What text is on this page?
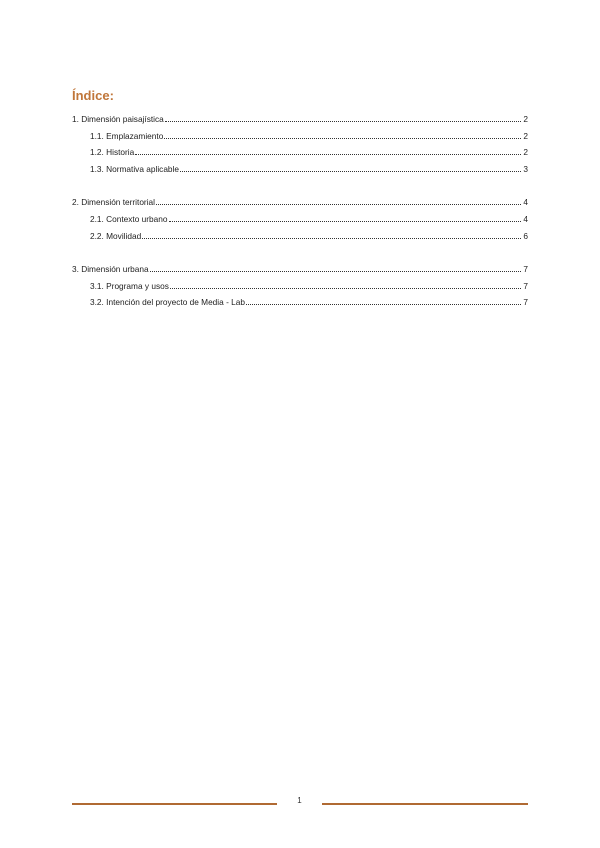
Índice:
1. Dimensión paisajística	2
1.1. Emplazamiento	2
1.2. Historia	2
1.3. Normativa aplicable	3
2. Dimensión territorial	4
2.1. Contexto urbano	4
2.2. Movilidad	6
3. Dimensión urbana	7
3.1. Programa y usos	7
3.2. Intención del proyecto de Media - Lab	7
1
